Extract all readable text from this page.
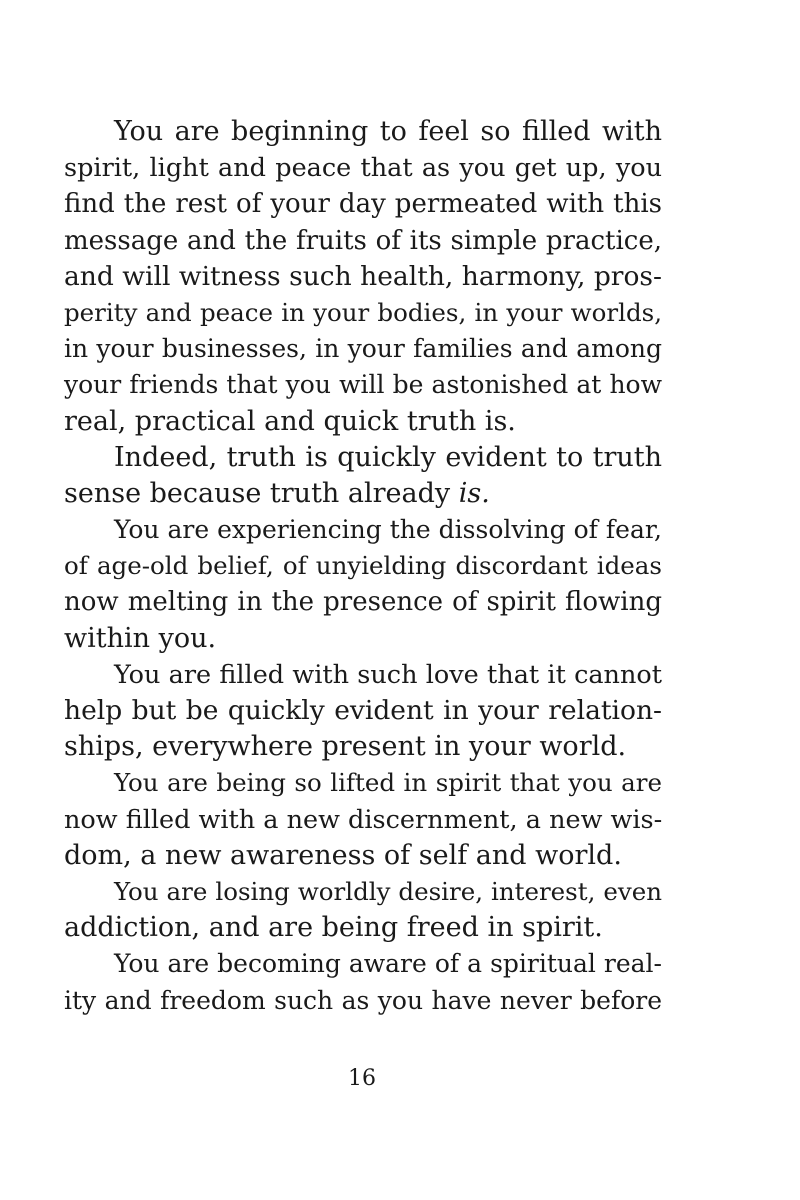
You are beginning to feel so filled with
spirit, light and peace that as you get up, you
find the rest of your day permeated with this
message and the fruits of its simple practice,
and will witness such health, harmony, pros-
perity and peace in your bodies, in your worlds,
in your businesses, in your families and among
your friends that you will be astonished at how
real, practical and quick truth is.
Indeed, truth is quickly evident to truth
sense because truth already is.
You are experiencing the dissolving of fear,
of age-old belief, of unyielding discordant ideas
now melting in the presence of spirit flowing
within you.
You are filled with such love that it cannot
help but be quickly evident in your relation-
ships, everywhere present in your world.
You are being so lifted in spirit that you are
now filled with a new discernment, a new wis-
dom, a new awareness of self and world.
You are losing worldly desire, interest, even
addiction, and are being freed in spirit.
You are becoming aware of a spiritual real-
ity and freedom such as you have never before
16
